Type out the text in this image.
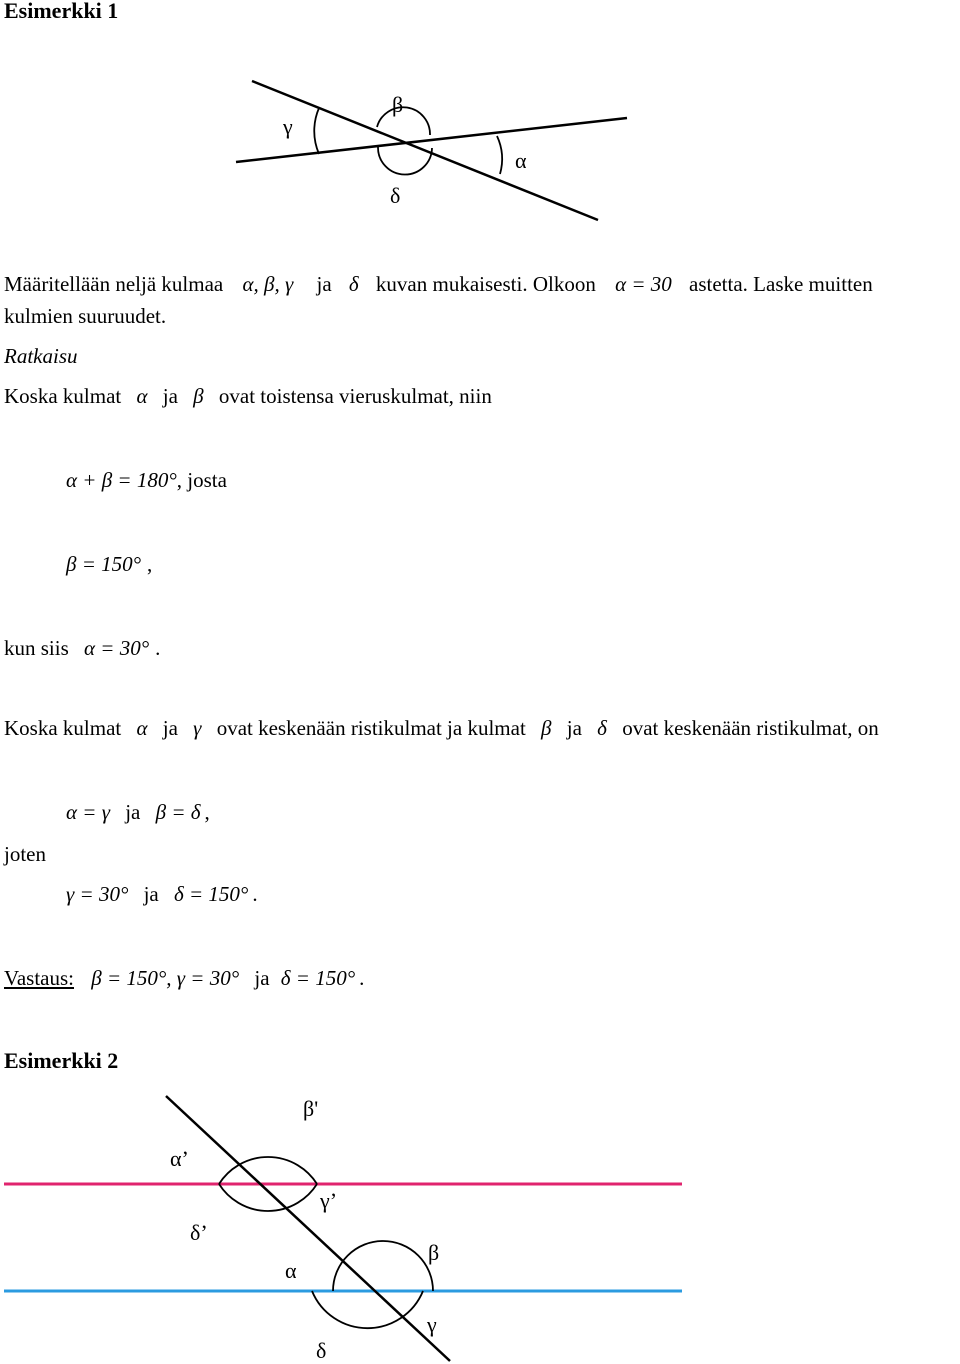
Esimerkki 1
β
γ
α
δ
Määritellään neljä kulmaa α, β, γ ja δ kuvan mukaisesti. Olkoon α = 30 astetta. Laske muitten
kulmien suuruudet.
Ratkaisu
Koska kulmat α ja β ovat toistensa vieruskulmat, niin
α + β = 180°, josta
β = 150° ,
kun siis α = 30° .
Koska kulmat α ja γ ovat keskenään ristikulmat ja kulmat β ja δ ovat keskenään ristikulmat, on
α = γ ja β = δ ,
joten
γ = 30° ja δ = 150° .
Vastaus: β = 150°, γ = 30° ja δ = 150° .
Esimerkki 2
β'
α’
γ’
δ’
α
β
γ
δ
